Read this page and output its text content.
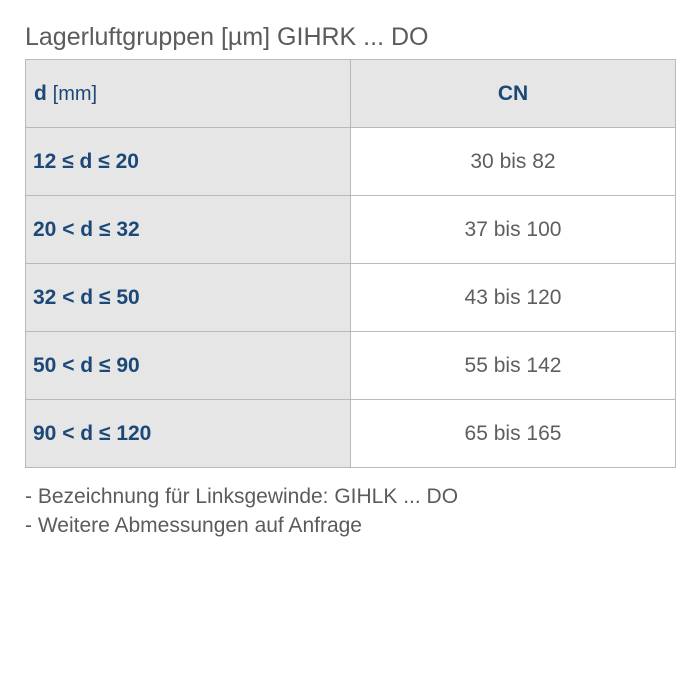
Lagerluftgruppen [µm] GIHRK ... DO
d [mm]	CN
12 ≤ d ≤ 20	30 bis 82
20 < d ≤ 32	37 bis 100
32 < d ≤ 50	43 bis 120
50 < d ≤ 90	55 bis 142
90 < d ≤ 120	65 bis 165
- Bezeichnung für Linksgewinde: GIHLK ... DO
- Weitere Abmessungen auf Anfrage
